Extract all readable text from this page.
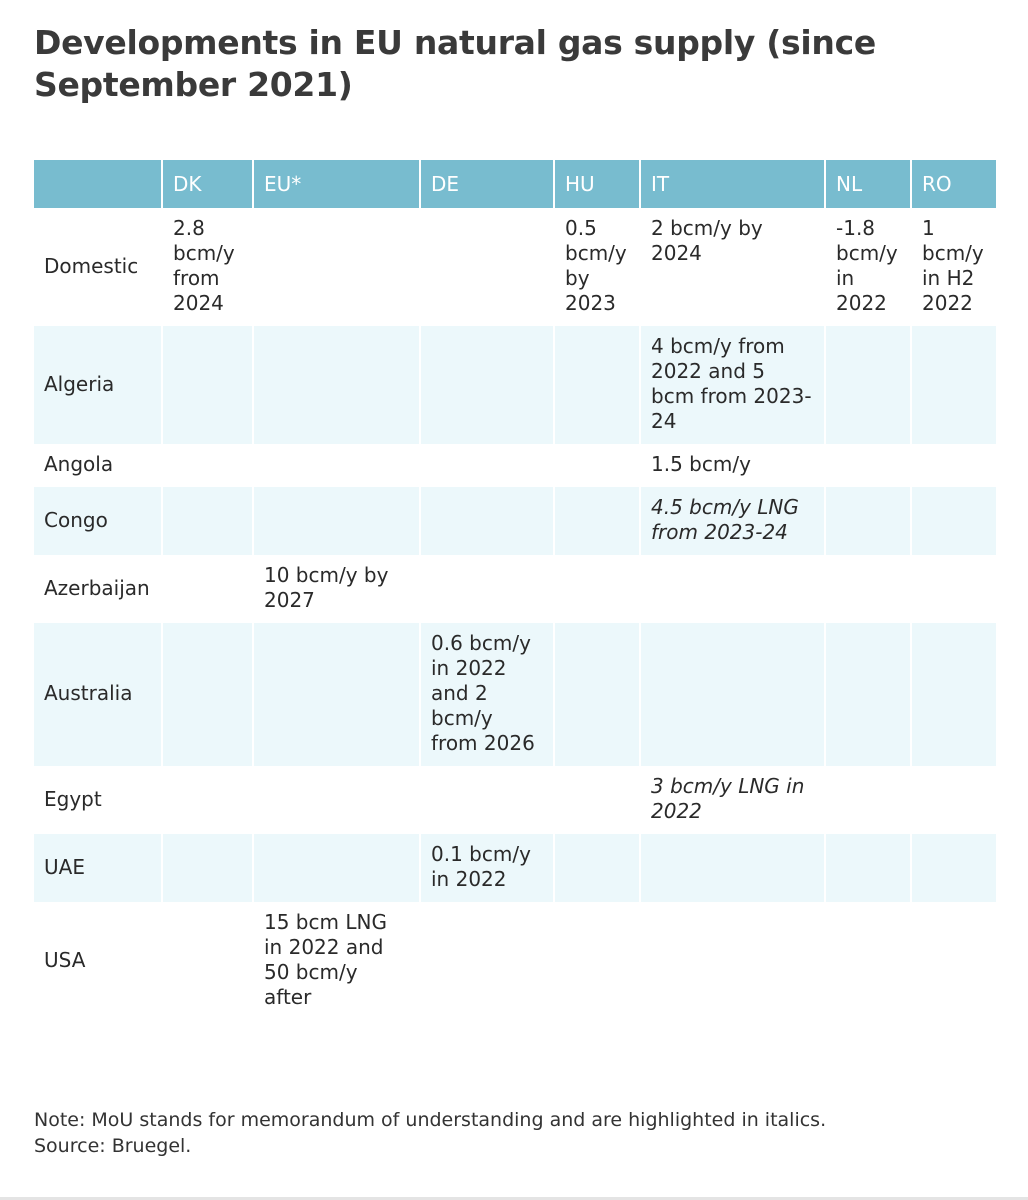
Developments in EU natural gas supply (since September 2021)
	DK	EU*	DE	HU	IT	NL	RO
Domestic	2.8 bcm/y from 2024			0.5 bcm/y by 2023	2 bcm/y by 2024	-1.8 bcm/y in 2022	1 bcm/y in H2 2022
Algeria					4 bcm/y from 2022 and 5 bcm from 2023-24		
Angola					1.5 bcm/y		
Congo					4.5 bcm/y LNG from 2023-24		
Azerbaijan		10 bcm/y by 2027					
Australia			0.6 bcm/y in 2022 and 2 bcm/y from 2026				
Egypt					3 bcm/y LNG in 2022		
UAE			0.1 bcm/y in 2022				
USA		15 bcm LNG in 2022 and 50 bcm/y after					
Note: MoU stands for memorandum of understanding and are highlighted in italics.
Source: Bruegel.
